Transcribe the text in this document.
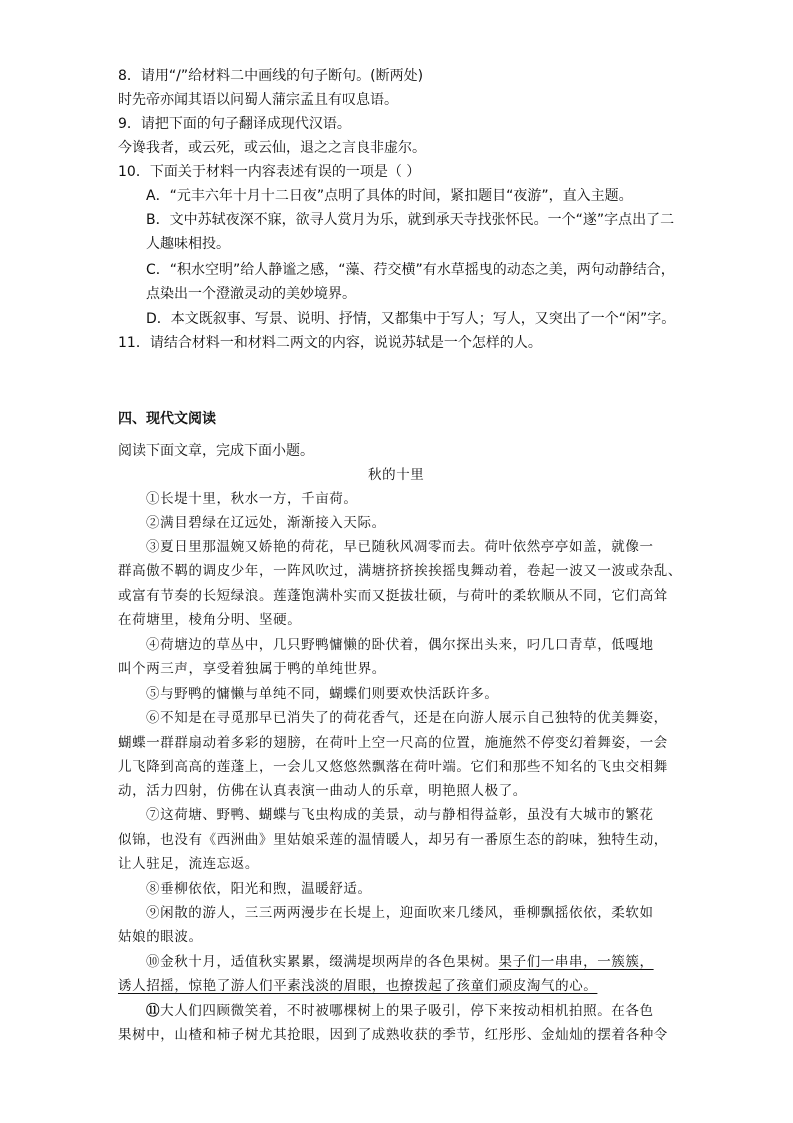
8．请用“/”给材料二中画线的句子断句。(断两处)
时先帝亦闻其语以问蜀人蒲宗孟且有叹息语。
9．请把下面的句子翻译成现代汉语。
今谗我者，或云死，或云仙，退之之言良非虚尔。
10．下面关于材料一内容表述有误的一项是（ ）
A．“元丰六年十月十二日夜”点明了具体的时间，紧扣题目“夜游”，直入主题。
B．文中苏轼夜深不寐，欲寻人赏月为乐，就到承天寺找张怀民。一个“遂”字点出了二
人趣味相投。
C．“积水空明”给人静谧之感，“藻、荇交横”有水草摇曳的动态之美，两句动静结合，
点染出一个澄澈灵动的美妙境界。
D．本文既叙事、写景、说明、抒情，又都集中于写人；写人，又突出了一个“闲”字。
11．请结合材料一和材料二两文的内容，说说苏轼是一个怎样的人。
四、现代文阅读
阅读下面文章，完成下面小题。
秋的十里
①长堤十里，秋水一方，千亩荷。
②满目碧绿在辽远处，渐渐接入天际。
③夏日里那温婉又娇艳的荷花，早已随秋风凋零而去。荷叶依然亭亭如盖，就像一
群高傲不羁的调皮少年，一阵风吹过，满塘挤挤挨挨摇曳舞动着，卷起一波又一波或杂乱、
或富有节奏的长短绿浪。莲蓬饱满朴实而又挺拔壮硕，与荷叶的柔软顺从不同，它们高耸
在荷塘里，棱角分明、坚硬。
④荷塘边的草丛中，几只野鸭慵懒的卧伏着，偶尔探出头来，叼几口青草，低嘎地
叫个两三声，享受着独属于鸭的单纯世界。
⑤与野鸭的慵懒与单纯不同，蝴蝶们则要欢快活跃许多。
⑥不知是在寻觅那早已消失了的荷花香气，还是在向游人展示自己独特的优美舞姿，
蝴蝶一群群扇动着多彩的翅膀，在荷叶上空一尺高的位置，施施然不停变幻着舞姿，一会
儿飞降到高高的莲蓬上，一会儿又悠悠然飘落在荷叶端。它们和那些不知名的飞虫交相舞
动，活力四射，仿佛在认真表演一曲动人的乐章，明艳照人极了。
⑦这荷塘、野鸭、蝴蝶与飞虫构成的美景，动与静相得益彰，虽没有大城市的繁花
似锦，也没有《西洲曲》里姑娘采莲的温情暖人，却另有一番原生态的韵味，独特生动，
让人驻足，流连忘返。
⑧垂柳依依，阳光和煦，温暖舒适。
⑨闲散的游人，三三两两漫步在长堤上，迎面吹来几缕风，垂柳飘摇依依，柔软如
姑娘的眼波。
⑩金秋十月，适值秋实累累，缀满堤坝两岸的各色果树。果子们一串串，一簇簇，
诱人招摇，惊艳了游人们平素浅淡的眉眼，也撩拨起了孩童们顽皮淘气的心。
⑪大人们四顾微笑着，不时被哪棵树上的果子吸引，停下来按动相机拍照。在各色
果树中，山楂和柿子树尤其抢眼，因到了成熟收获的季节，红彤彤、金灿灿的摆着各种令
